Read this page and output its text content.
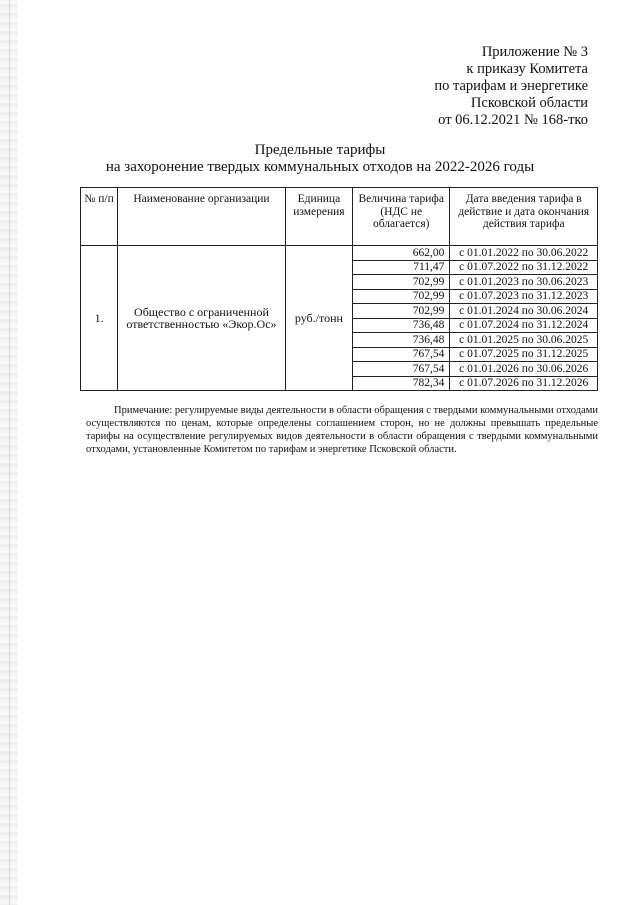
Приложение № 3
к приказу Комитета
по тарифам и энергетике
Псковской области
от 06.12.2021 № 168-тко
Предельные тарифы
на захоронение твердых коммунальных отходов на 2022-2026 годы
№ п/п	Наименование организации	Единица измерения	Величина тарифа (НДС не облагается)	Дата введения тарифа в действие и дата окончания действия тарифа
1.	Общество с ограниченной ответственностью «Экор.Ос»	руб./тонн	662,00	с 01.01.2022 по 30.06.2022
			711,47	с 01.07.2022 по 31.12.2022
			702,99	с 01.01.2023 по 30.06.2023
			702,99	с 01.07.2023 по 31.12.2023
			702,99	с 01.01.2024 по 30.06.2024
			736,48	с 01.07.2024 по 31.12.2024
			736,48	с 01.01.2025 по 30.06.2025
			767,54	с 01.07.2025 по 31.12.2025
			767,54	с 01.01.2026 по 30.06.2026
			782,34	с 01.07.2026 по 31.12.2026
Примечание: регулируемые виды деятельности в области обращения с твердыми коммунальными отходами осуществляются по ценам, которые определены соглашением сторон, но не должны превышать предельные тарифы на осуществление регулируемых видов деятельности в области обращения с твердыми коммунальными отходами, установленные Комитетом по тарифам и энергетике Псковской области.
